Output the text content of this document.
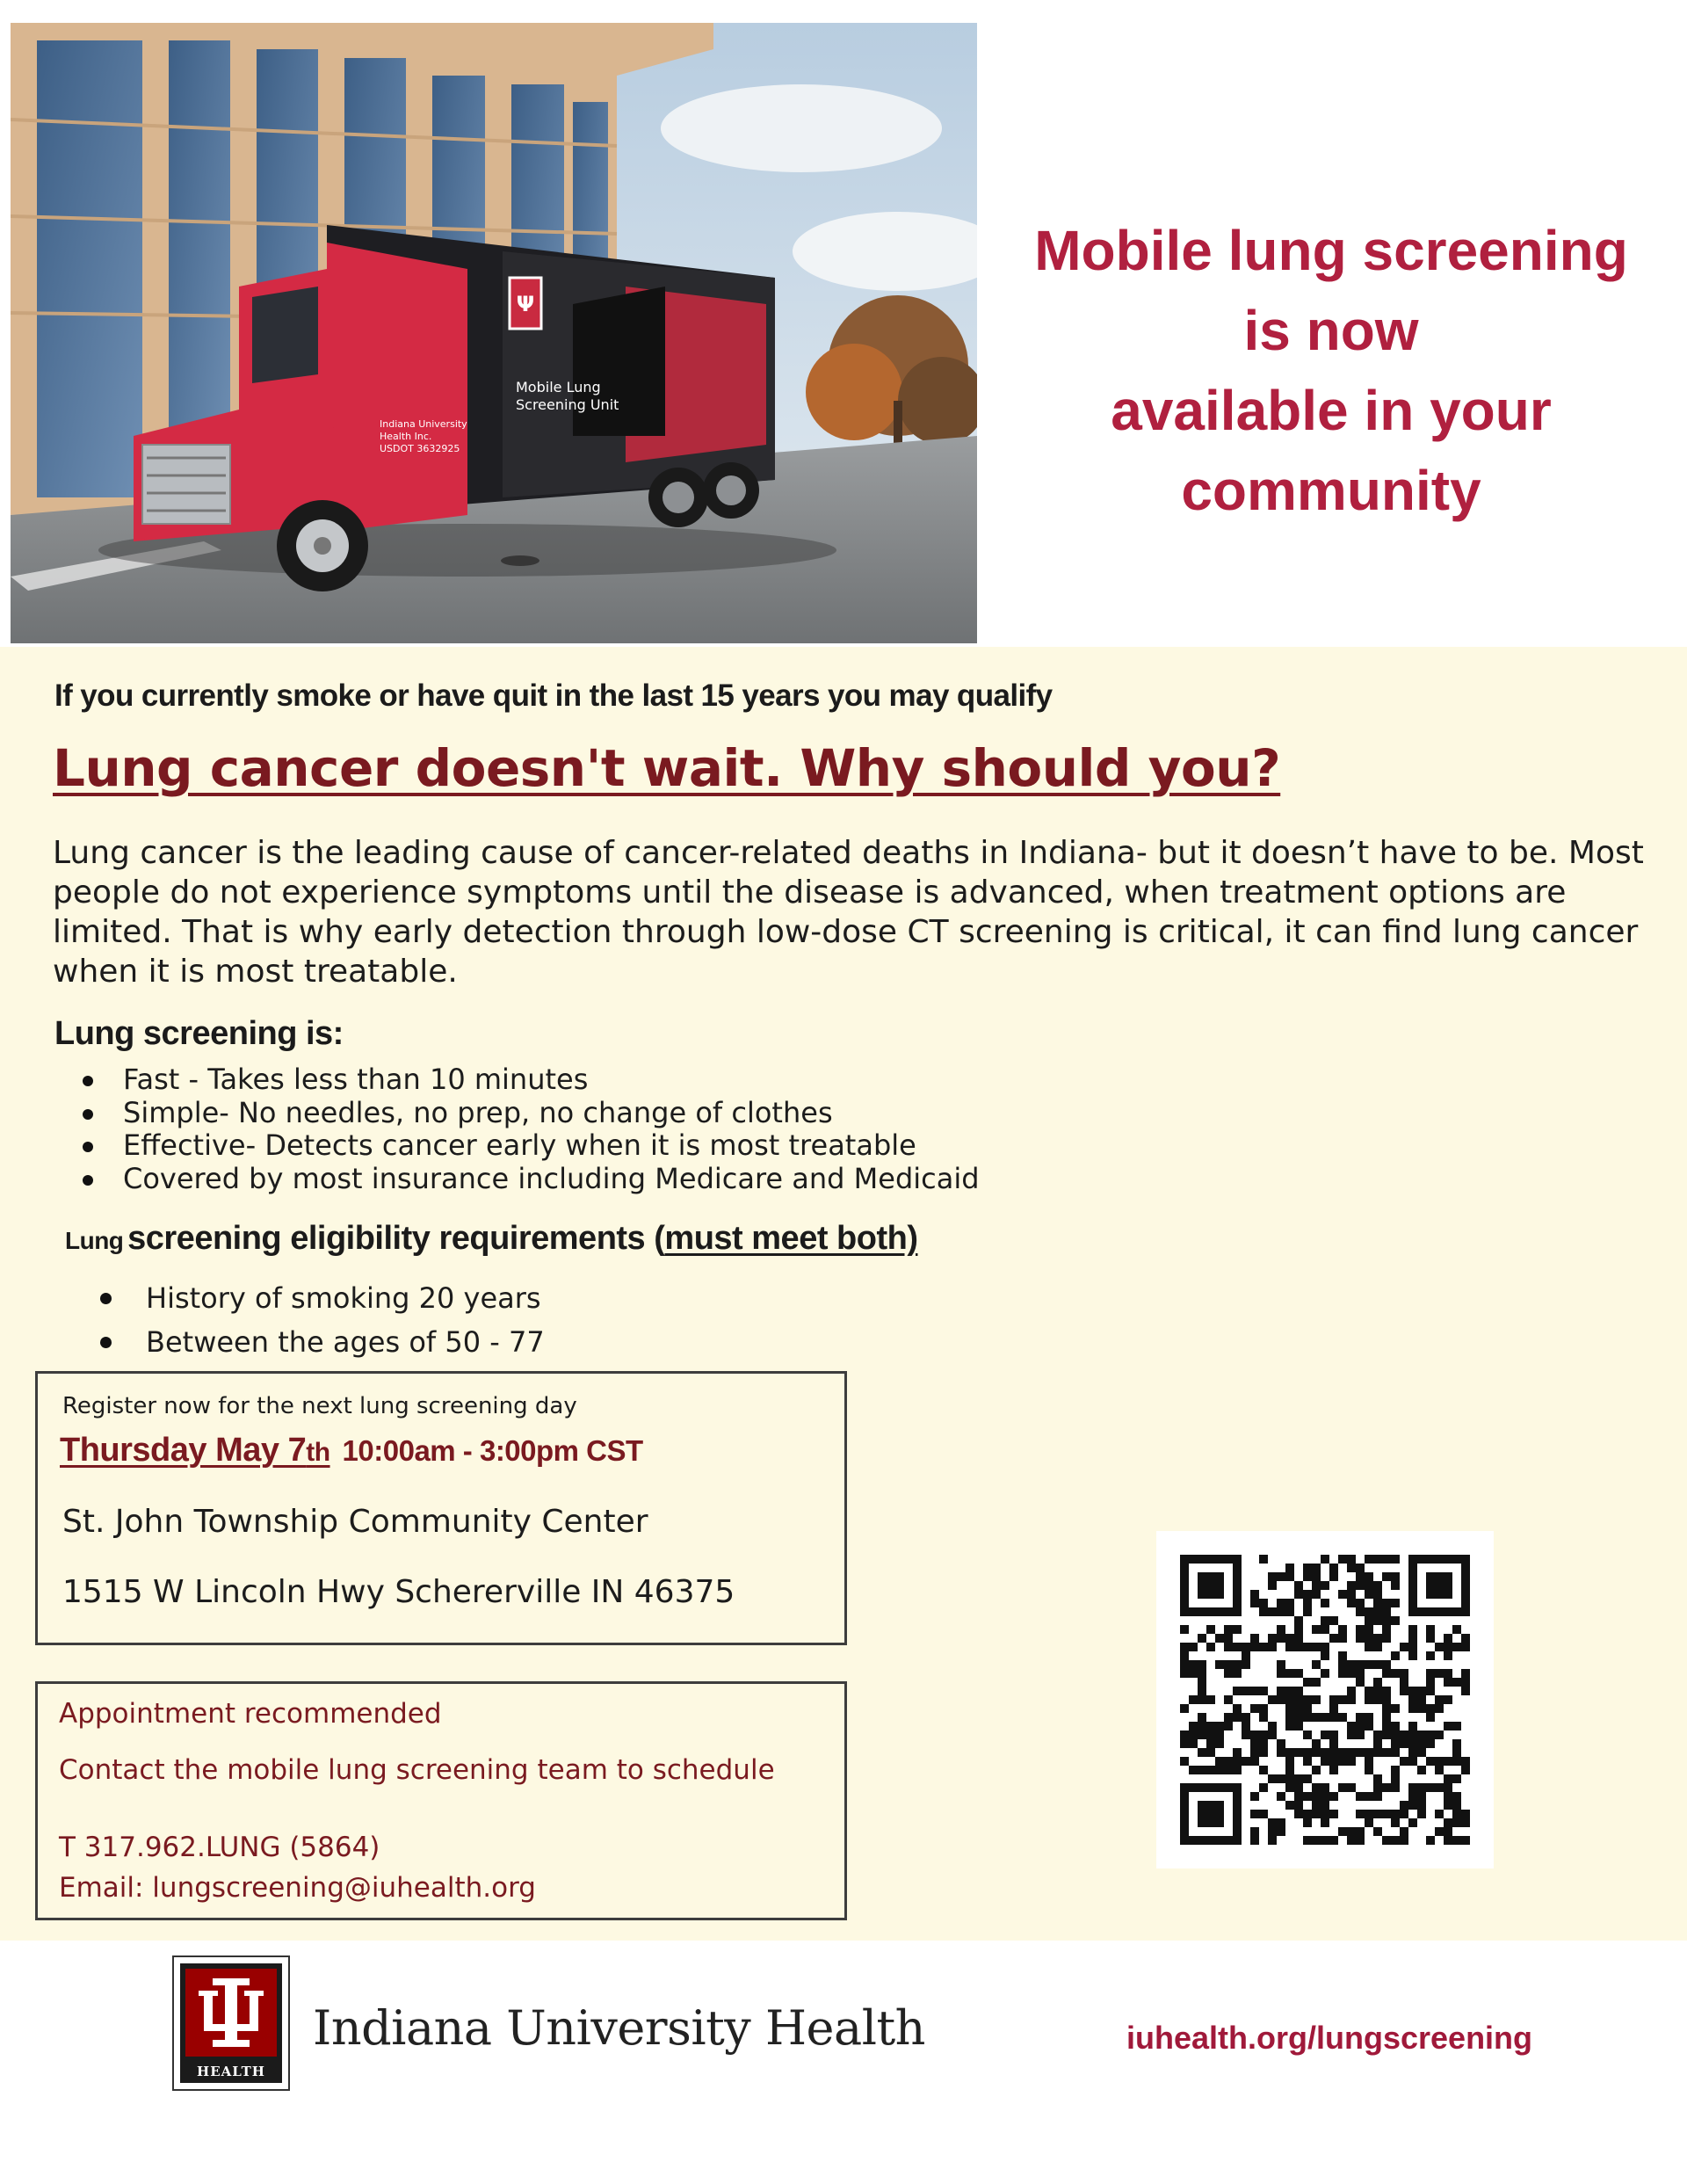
Ψ
Mobile Lung Screening Unit
Indiana University Health Inc. USDOT 3632925
Mobile lung screening
is now
available in your
community

If you currently smoke or have quit in the last 15 years you may qualify

Lung cancer doesn't wait. Why should you?

Lung cancer is the leading cause of cancer-related deaths in Indiana- but it doesn’t have to be. Most people do not experience symptoms until the disease is advanced, when treatment options are limited. That is why early detection through low-dose CT screening is critical, it can find lung cancer when it is most treatable.

Lung screening is:
Fast - Takes less than 10 minutes
Simple- No needles, no prep, no change of clothes
Effective- Detects cancer early when it is most treatable
Covered by most insurance including Medicare and Medicaid
Lung screening eligibility requirements (must meet both)
History of smoking 20 years
Between the ages of 50 - 77

Register now for the next lung screening day

Thursday May 7th 10:00am - 3:00pm CST

St. John Township Community Center

1515 W Lincoln Hwy Schererville IN 46375

Appointment recommended

Contact the mobile lung screening team to schedule

T 317.962.LUNG (5864)

Email: lungscreening@iuhealth.org

HEALTH

Indiana University Health	iuhealth.org/lungscreening
